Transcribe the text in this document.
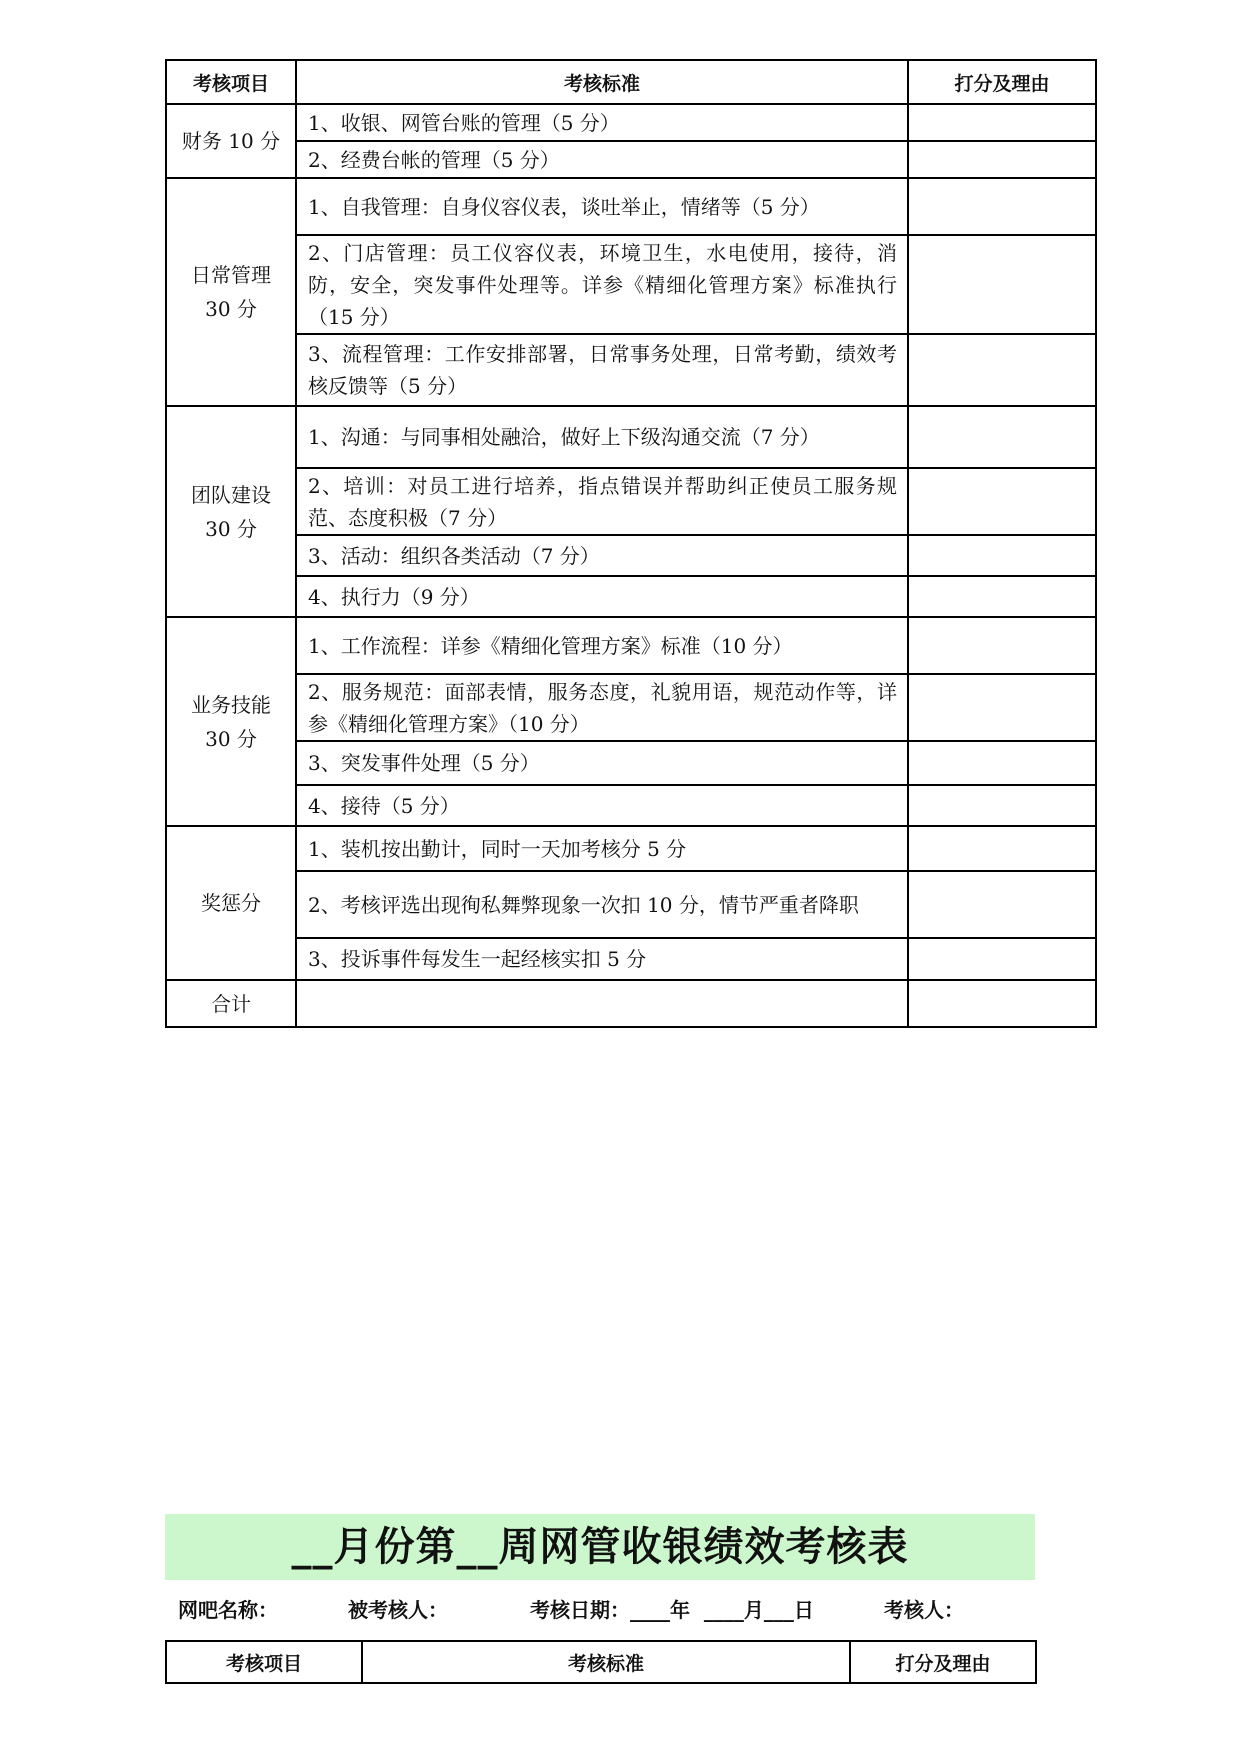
考核项目	考核标准	打分及理由
财务 10 分	1、收银、网管台账的管理（5 分）	
	2、经费台帐的管理（5 分）	

日常管理 30 分	1、自我管理：自身仪容仪表，谈吐举止，情绪等（5 分）	
	2、门店管理：员工仪容仪表，环境卫生，水电使用，接待，消防，安全，突发事件处理等。详参《精细化管理方案》标准执行（15 分）	
	3、流程管理：工作安排部署，日常事务处理，日常考勤，绩效考核反馈等（5 分）	

团队建设 30 分	1、沟通：与同事相处融洽，做好上下级沟通交流（7 分）	
	2、培训：对员工进行培养，指点错误并帮助纠正使员工服务规范、态度积极（7 分）	
	3、活动：组织各类活动（7 分）	
	4、执行力（9 分）	

业务技能 30 分	1、工作流程：详参《精细化管理方案》标准（10 分）	
	2、服务规范：面部表情，服务态度，礼貌用语，规范动作等，详参《精细化管理方案》（10 分）	
	3、突发事件处理（5 分）	
	4、接待（5 分）	
奖惩分	1、装机按出勤计，同时一天加考核分 5 分	
	2、考核评选出现徇私舞弊现象一次扣 10 分，情节严重者降职	
	3、投诉事件每发生一起经核实扣 5 分	
合计		
__月份第__周网管收银绩效考核表
网吧名称：	被考核人：	考核日期：____年  ____月___日	考核人：
考核项目	考核标准	打分及理由
